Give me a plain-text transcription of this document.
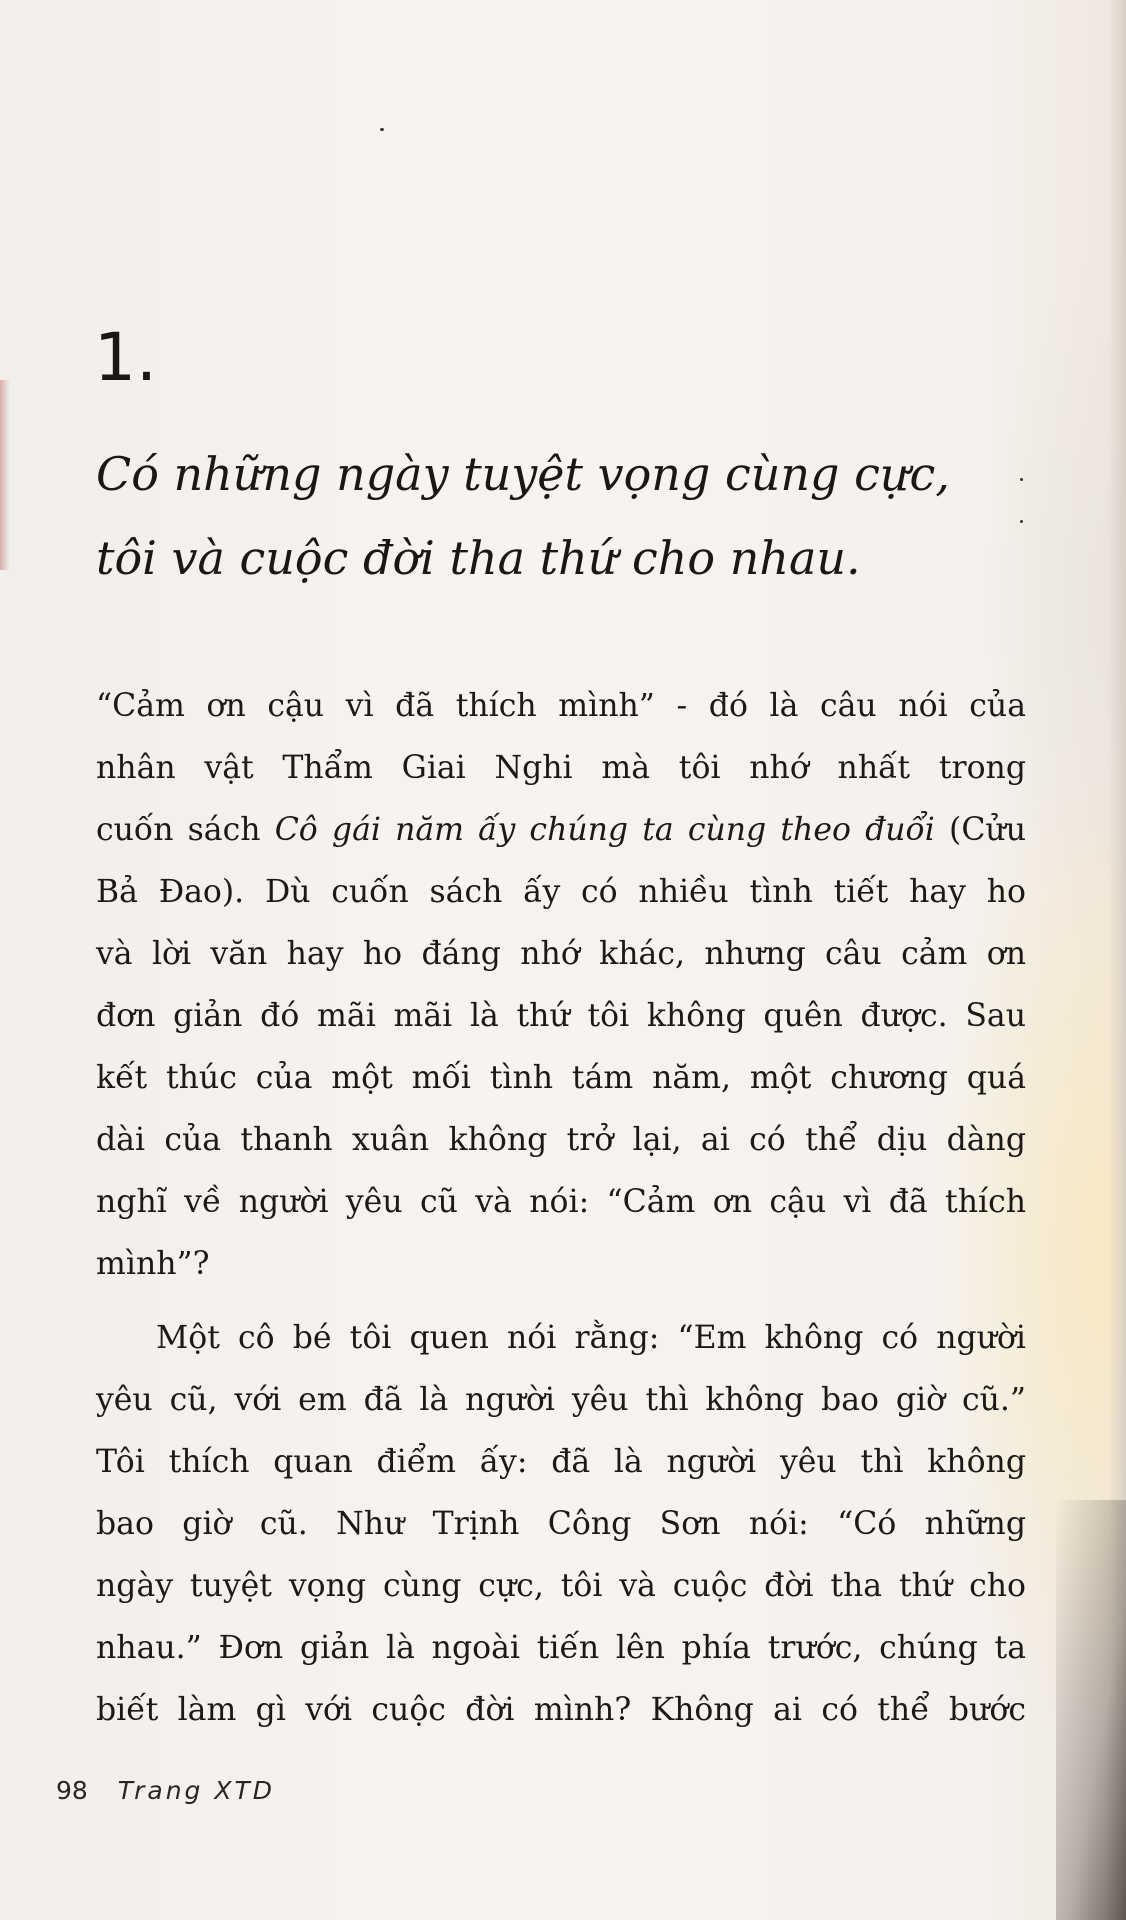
1.
Có những ngày tuyệt vọng cùng cực,
tôi và cuộc đời tha thứ cho nhau.
“Cảm ơn cậu vì đã thích mình” - đó là câu nói của
nhân vật Thẩm Giai Nghi mà tôi nhớ nhất trong
cuốn sách Cô gái năm ấy chúng ta cùng theo đuổi (Cửu
Bả Đao). Dù cuốn sách ấy có nhiều tình tiết hay ho
và lời văn hay ho đáng nhớ khác, nhưng câu cảm ơn
đơn giản đó mãi mãi là thứ tôi không quên được. Sau
kết thúc của một mối tình tám năm, một chương quá
dài của thanh xuân không trở lại, ai có thể dịu dàng
nghĩ về người yêu cũ và nói: “Cảm ơn cậu vì đã thích
mình”?
Một cô bé tôi quen nói rằng: “Em không có người
yêu cũ, với em đã là người yêu thì không bao giờ cũ.”
Tôi thích quan điểm ấy: đã là người yêu thì không
bao giờ cũ. Như Trịnh Công Sơn nói: “Có những
ngày tuyệt vọng cùng cực, tôi và cuộc đời tha thứ cho
nhau.” Đơn giản là ngoài tiến lên phía trước, chúng ta
biết làm gì với cuộc đời mình? Không ai có thể bước
98 Trang XTD
